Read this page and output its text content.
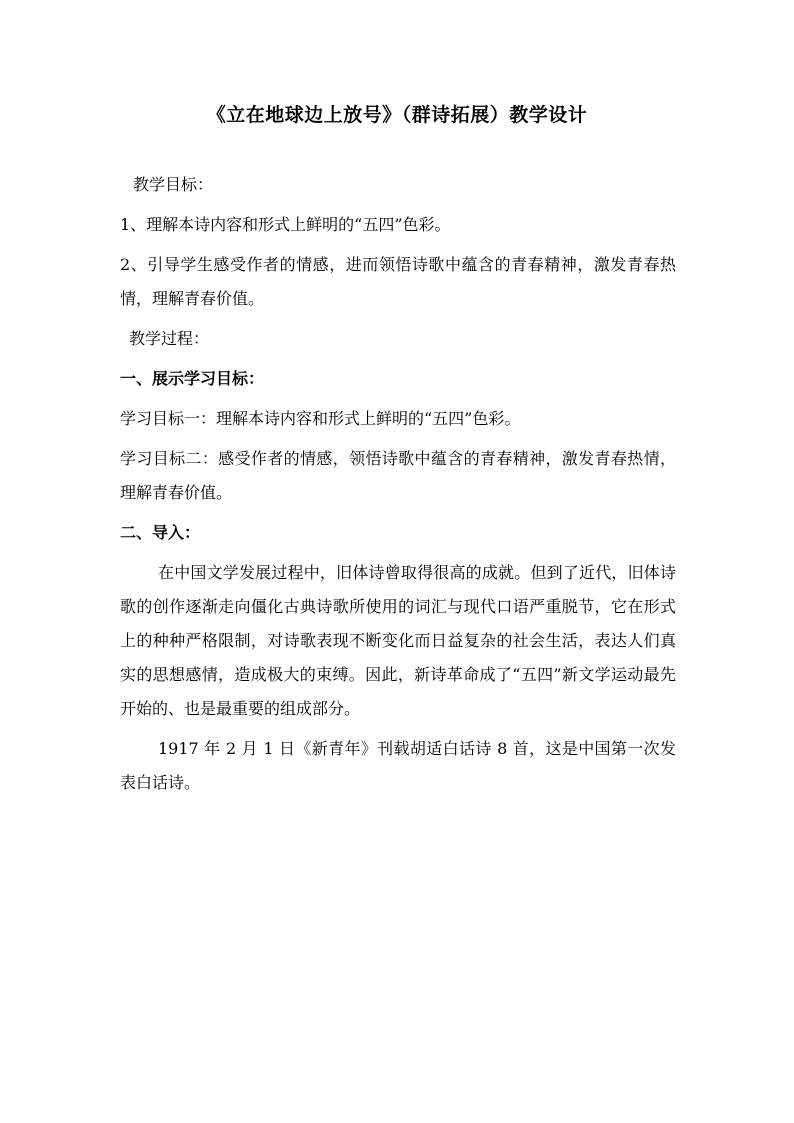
《立在地球边上放号》（群诗拓展）教学设计

教学目标：

1、理解本诗内容和形式上鲜明的“五四”色彩。

2、引导学生感受作者的情感，进而领悟诗歌中蕴含的青春精神，激发青春热情，理解青春价值。

教学过程：

一、展示学习目标：

学习目标一：理解本诗内容和形式上鲜明的“五四”色彩。

学习目标二：感受作者的情感，领悟诗歌中蕴含的青春精神，激发青春热情，理解青春价值。

二、导入：

在中国文学发展过程中，旧体诗曾取得很高的成就。但到了近代，旧体诗歌的创作逐渐走向僵化古典诗歌所使用的词汇与现代口语严重脱节，它在形式上的种种严格限制，对诗歌表现不断变化而日益复杂的社会生活，表达人们真实的思想感情，造成极大的束缚。因此，新诗革命成了“五四”新文学运动最先开始的、也是最重要的组成部分。

1917 年 2 月 1 日《新青年》刊载胡适白话诗 8 首，这是中国第一次发表白话诗。
